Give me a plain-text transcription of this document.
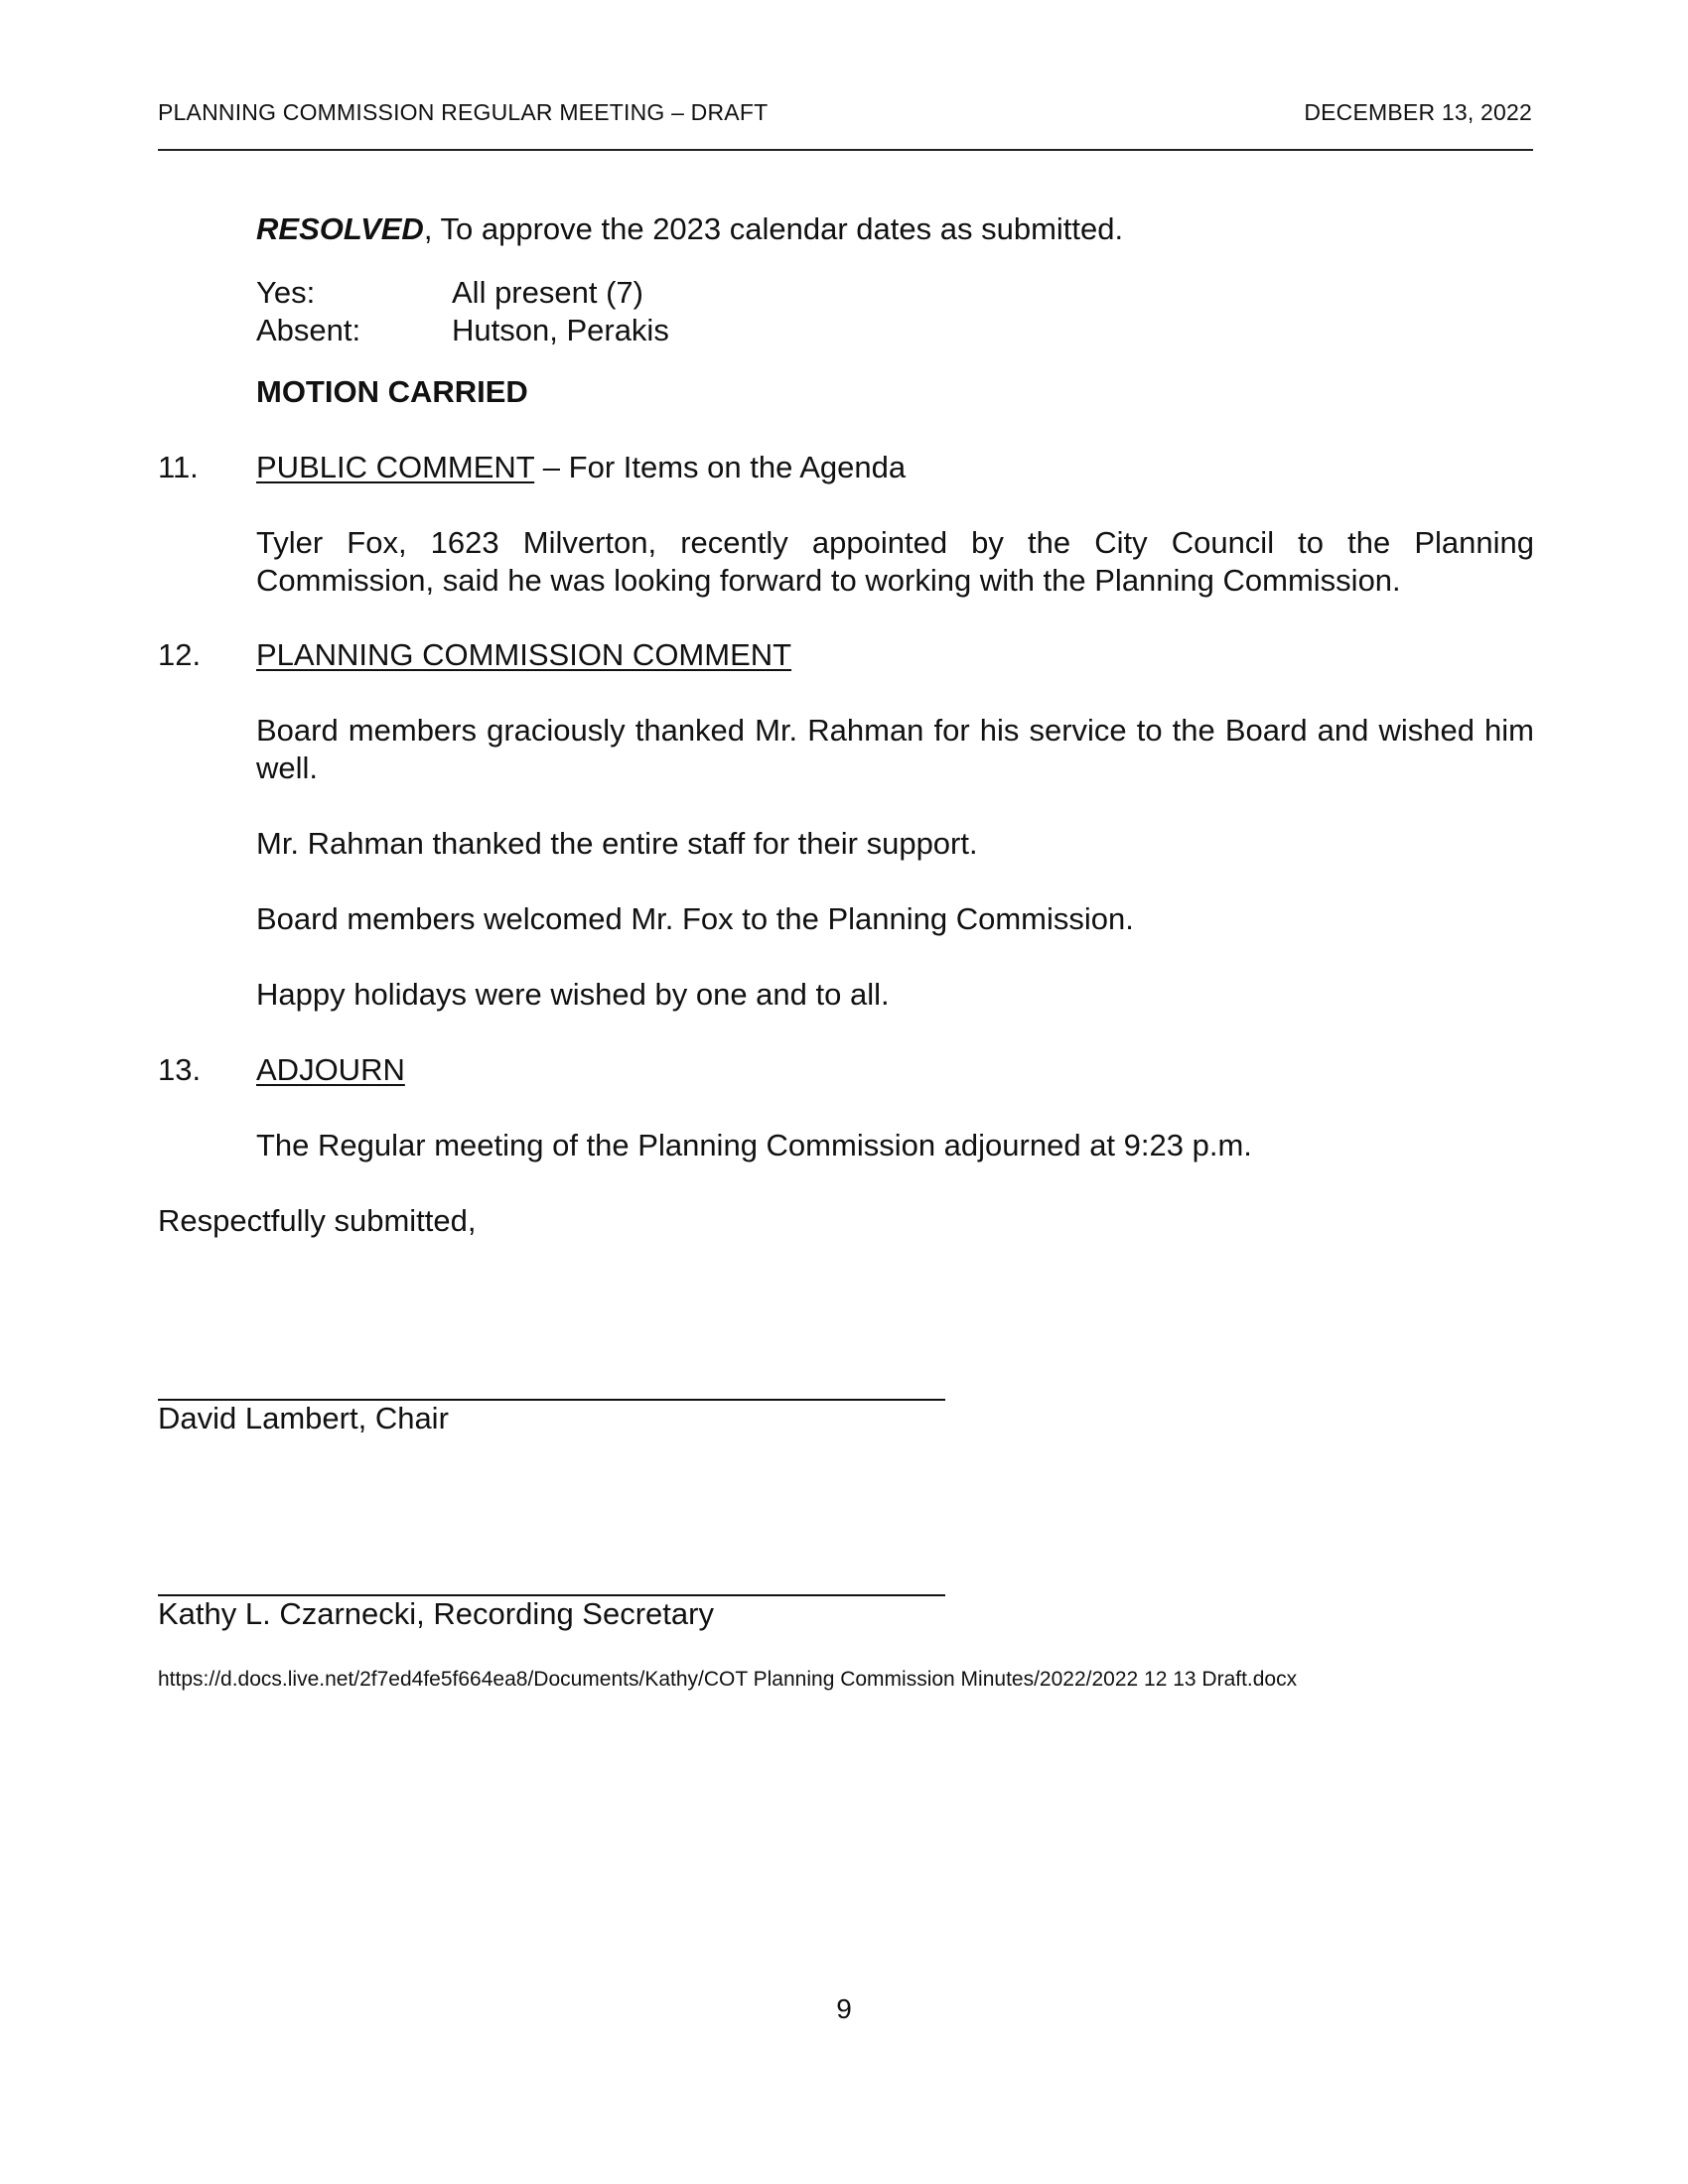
PLANNING COMMISSION REGULAR MEETING – DRAFT	DECEMBER 13, 2022
RESOLVED, To approve the 2023 calendar dates as submitted.
Yes:	All present (7)
Absent:	Hutson, Perakis
MOTION CARRIED
11. PUBLIC COMMENT – For Items on the Agenda
Tyler Fox, 1623 Milverton, recently appointed by the City Council to the Planning Commission, said he was looking forward to working with the Planning Commission.
12. PLANNING COMMISSION COMMENT
Board members graciously thanked Mr. Rahman for his service to the Board and wished him well.
Mr. Rahman thanked the entire staff for their support.
Board members welcomed Mr. Fox to the Planning Commission.
Happy holidays were wished by one and to all.
13. ADJOURN
The Regular meeting of the Planning Commission adjourned at 9:23 p.m.
Respectfully submitted,
David Lambert, Chair
Kathy L. Czarnecki, Recording Secretary
https://d.docs.live.net/2f7ed4fe5f664ea8/Documents/Kathy/COT Planning Commission Minutes/2022/2022 12 13 Draft.docx
9
